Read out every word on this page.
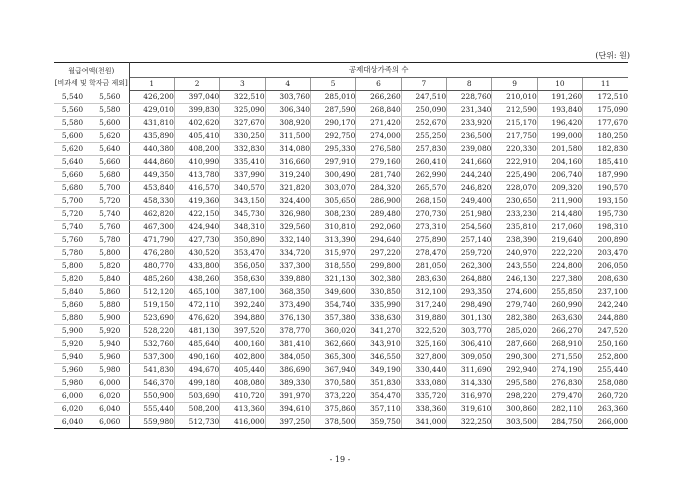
(단위: 원)
월급여액(천원)
[비과세 및 학자금 제외]		공제대상가족의 수										
		1	2	3	4	5	6	7	8	9	10	11
5,540	5,560	426,200	397,040	322,510	303,760	285,010	266,260	247,510	228,760	210,010	191,260	172,510
5,560	5,580	429,010	399,830	325,090	306,340	287,590	268,840	250,090	231,340	212,590	193,840	175,090
5,580	5,600	431,810	402,620	327,670	308,920	290,170	271,420	252,670	233,920	215,170	196,420	177,670
5,600	5,620	435,890	405,410	330,250	311,500	292,750	274,000	255,250	236,500	217,750	199,000	180,250
5,620	5,640	440,380	408,200	332,830	314,080	295,330	276,580	257,830	239,080	220,330	201,580	182,830
5,640	5,660	444,860	410,990	335,410	316,660	297,910	279,160	260,410	241,660	222,910	204,160	185,410
5,660	5,680	449,350	413,780	337,990	319,240	300,490	281,740	262,990	244,240	225,490	206,740	187,990
5,680	5,700	453,840	416,570	340,570	321,820	303,070	284,320	265,570	246,820	228,070	209,320	190,570
5,700	5,720	458,330	419,360	343,150	324,400	305,650	286,900	268,150	249,400	230,650	211,900	193,150
5,720	5,740	462,820	422,150	345,730	326,980	308,230	289,480	270,730	251,980	233,230	214,480	195,730
5,740	5,760	467,300	424,940	348,310	329,560	310,810	292,060	273,310	254,560	235,810	217,060	198,310
5,760	5,780	471,790	427,730	350,890	332,140	313,390	294,640	275,890	257,140	238,390	219,640	200,890
5,780	5,800	476,280	430,520	353,470	334,720	315,970	297,220	278,470	259,720	240,970	222,220	203,470
5,800	5,820	480,770	433,800	356,050	337,300	318,550	299,800	281,050	262,300	243,550	224,800	206,050
5,820	5,840	485,260	438,260	358,630	339,880	321,130	302,380	283,630	264,880	246,130	227,380	208,630
5,840	5,860	512,120	465,100	387,100	368,350	349,600	330,850	312,100	293,350	274,600	255,850	237,100
5,860	5,880	519,150	472,110	392,240	373,490	354,740	335,990	317,240	298,490	279,740	260,990	242,240
5,880	5,900	523,690	476,620	394,880	376,130	357,380	338,630	319,880	301,130	282,380	263,630	244,880
5,900	5,920	528,220	481,130	397,520	378,770	360,020	341,270	322,520	303,770	285,020	266,270	247,520
5,920	5,940	532,760	485,640	400,160	381,410	362,660	343,910	325,160	306,410	287,660	268,910	250,160
5,940	5,960	537,300	490,160	402,800	384,050	365,300	346,550	327,800	309,050	290,300	271,550	252,800
5,960	5,980	541,830	494,670	405,440	386,690	367,940	349,190	330,440	311,690	292,940	274,190	255,440
5,980	6,000	546,370	499,180	408,080	389,330	370,580	351,830	333,080	314,330	295,580	276,830	258,080
6,000	6,020	550,900	503,690	410,720	391,970	373,220	354,470	335,720	316,970	298,220	279,470	260,720
6,020	6,040	555,440	508,200	413,360	394,610	375,860	357,110	338,360	319,610	300,860	282,110	263,360
6,040	6,060	559,980	512,730	416,000	397,250	378,500	359,750	341,000	322,250	303,500	284,750	266,000
- 19 -
